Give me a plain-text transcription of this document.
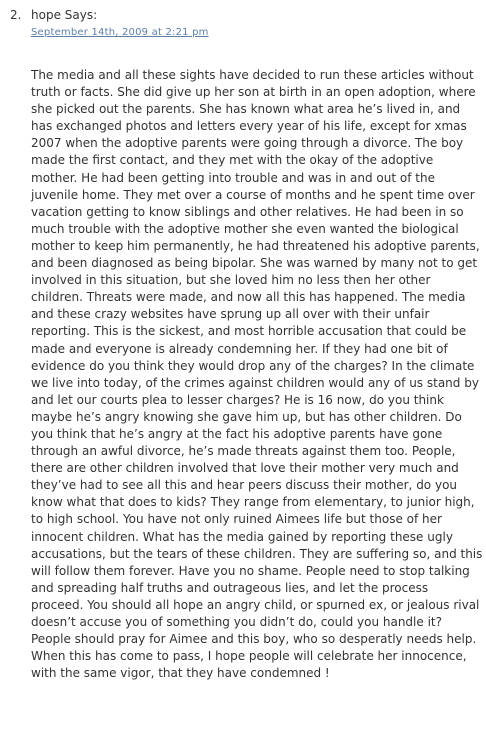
2. hope Says:
September 14th, 2009 at 2:21 pm

The media and all these sights have decided to run these articles without truth or facts. She did give up her son at birth in an open adoption, where she picked out the parents. She has known what area he’s lived in, and has exchanged photos and letters every year of his life, except for xmas 2007 when the adoptive parents were going through a divorce. The boy made the first contact, and they met with the okay of the adoptive mother. He had been getting into trouble and was in and out of the juvenile home. They met over a course of months and he spent time over vacation getting to know siblings and other relatives. He had been in so much trouble with the adoptive mother she even wanted the biological mother to keep him permanently, he had threatened his adoptive parents, and been diagnosed as being bipolar. She was warned by many not to get involved in this situation, but she loved him no less then her other children. Threats were made, and now all this has happened. The media and these crazy websites have sprung up all over with their unfair reporting. This is the sickest, and most horrible accusation that could be made and everyone is already condemning her. If they had one bit of evidence do you think they would drop any of the charges? In the climate we live into today, of the crimes against children would any of us stand by and let our courts plea to lesser charges? He is 16 now, do you think maybe he’s angry knowing she gave him up, but has other children. Do you think that he’s angry at the fact his adoptive parents have gone through an awful divorce, he’s made threats against them too. People, there are other children involved that love their mother very much and they’ve had to see all this and hear peers discuss their mother, do you know what that does to kids? They range from elementary, to junior high, to high school. You have not only ruined Aimees life but those of her innocent children. What has the media gained by reporting these ugly accusations, but the tears of these children. They are suffering so, and this will follow them forever. Have you no shame. People need to stop talking and spreading half truths and outrageous lies, and let the process proceed. You should all hope an angry child, or spurned ex, or jealous rival doesn’t accuse you of something you didn’t do, could you handle it? People should pray for Aimee and this boy, who so desperatly needs help. When this has come to pass, I hope people will celebrate her innocence, with the same vigor, that they have condemned !
